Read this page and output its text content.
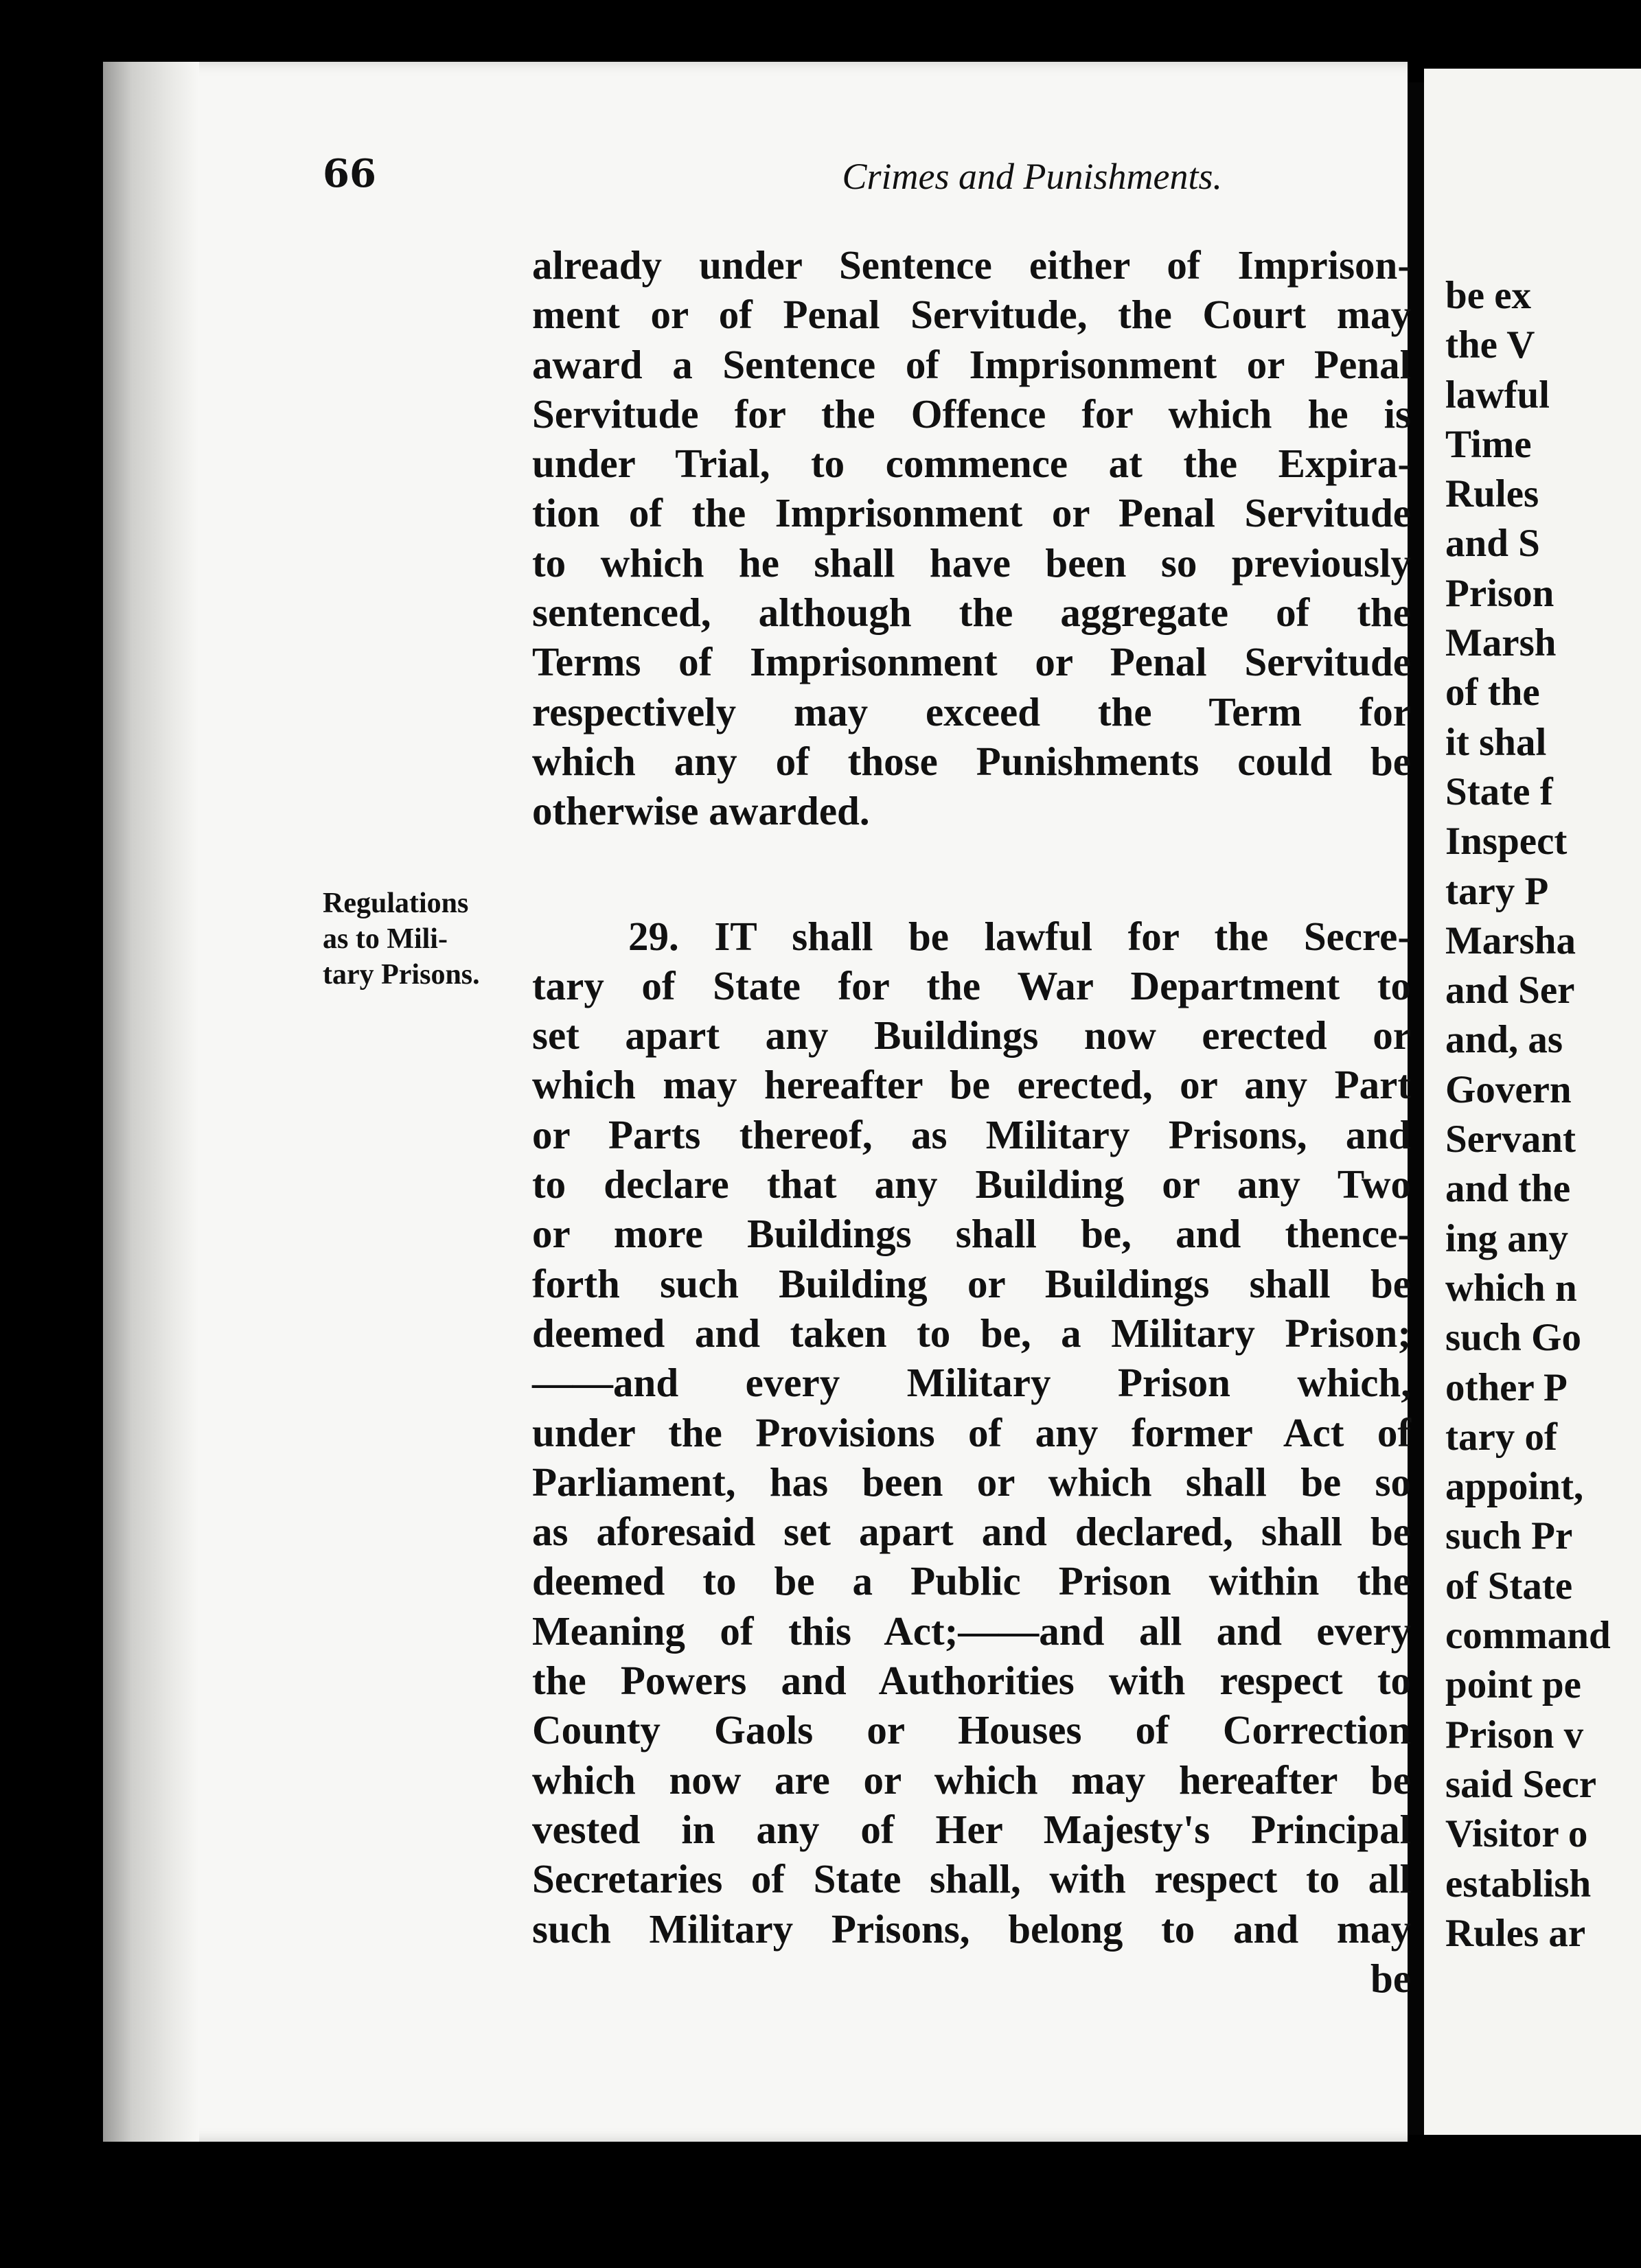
66	Crimes and Punishments.
Regulations
as to Mili-
tary Prisons.
already under Sentence either of Imprison-
ment or of Penal Servitude, the Court may
award a Sentence of Imprisonment or Penal
Servitude for the Offence for which he is
under Trial, to commence at the Expira-
tion of the Imprisonment or Penal Servitude
to which he shall have been so previously
sentenced, although the aggregate of the
Terms of Imprisonment or Penal Servitude
respectively may exceed the Term for
which any of those Punishments could be
otherwise awarded.
29. IT shall be lawful for the Secre-
tary of State for the War Department to
set apart any Buildings now erected or
which may hereafter be erected, or any Part
or Parts thereof, as Military Prisons, and
to declare that any Building or any Two
or more Buildings shall be, and thence-
forth such Building or Buildings shall be
deemed and taken to be, a Military Prison;
——and every Military Prison which,
under the Provisions of any former Act of
Parliament, has been or which shall be so
as aforesaid set apart and declared, shall be
deemed to be a Public Prison within the
Meaning of this Act;——and all and every
the Powers and Authorities with respect to
County Gaols or Houses of Correction
which now are or which may hereafter be
vested in any of Her Majesty's Principal
Secretaries of State shall, with respect to all
such Military Prisons, belong to and may
be
be ex
the V
lawful
Time
Rules
and S
Prison
Marsh
of the
it shal
State f
Inspect
tary P
Marsha
and Ser
and, as
Govern
Servant
and the
ing any
which n
such Go
other P
tary of
appoint,
such Pr
of State
command
point pe
Prison v
said Secr
Visitor o
establish
Rules ar
